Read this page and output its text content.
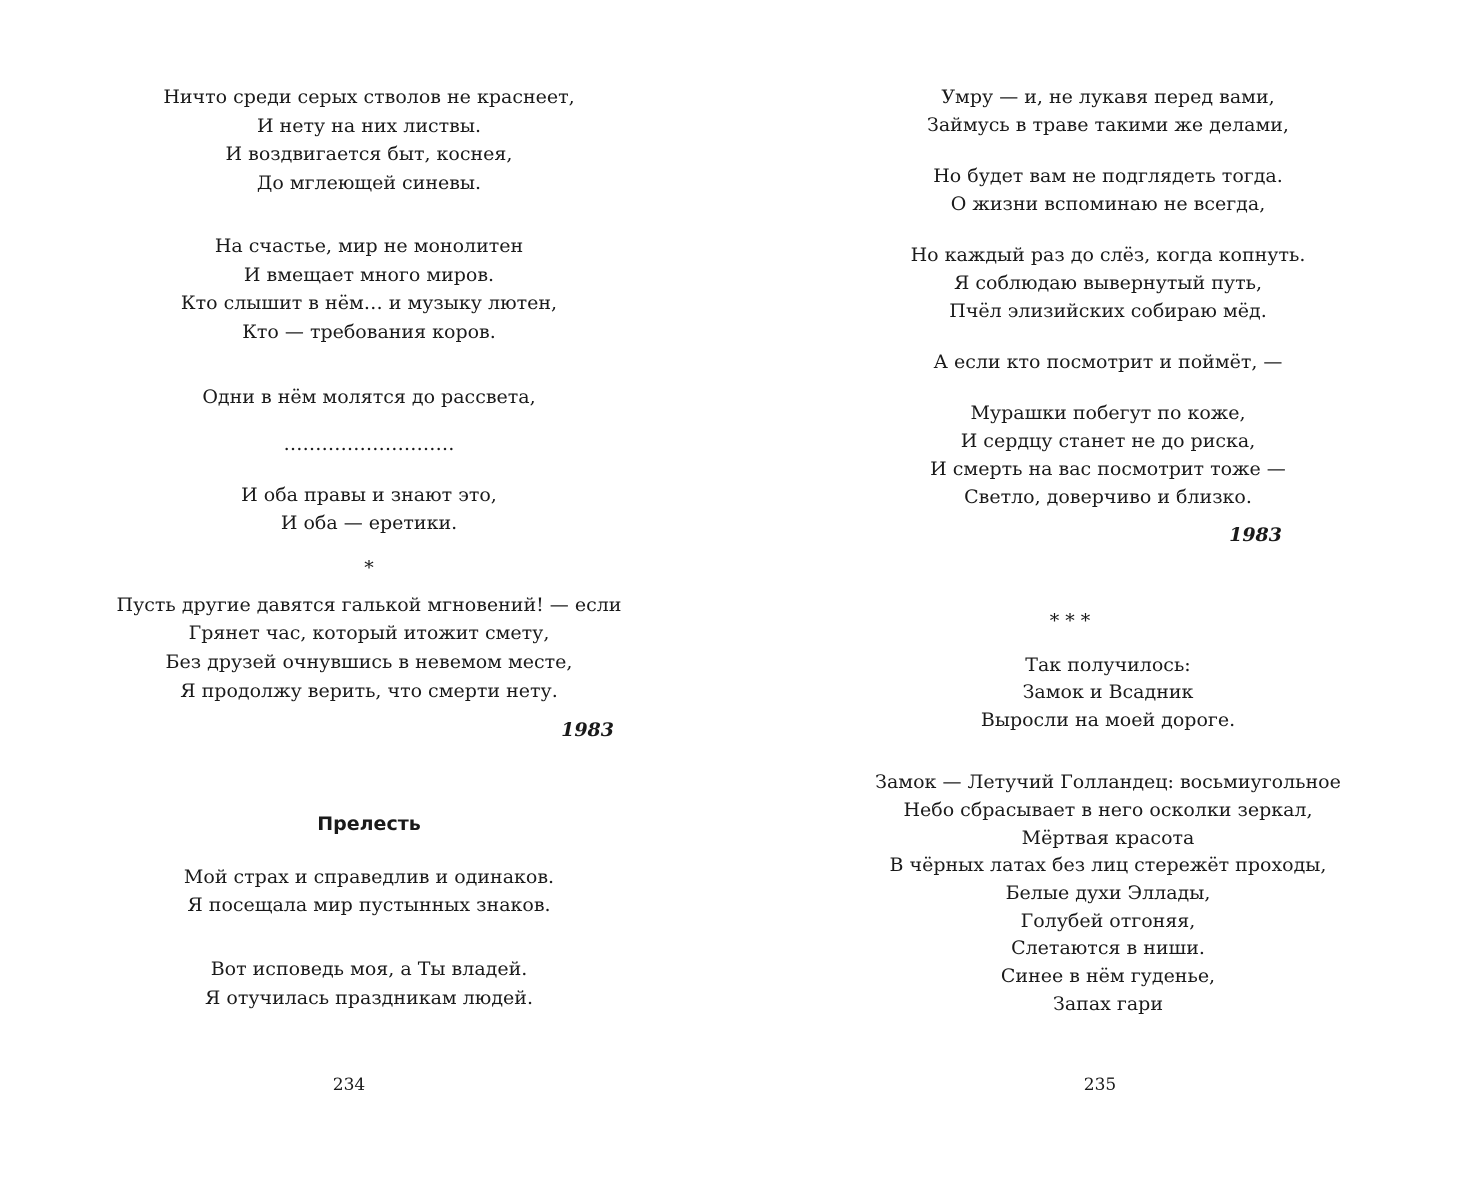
Ничто среди серых стволов не краснеет,
И нету на них листвы.
И воздвигается быт, коснея,
До мглеющей синевы.
На счастье, мир не монолитен
И вмещает много миров.
Кто слышит в нём… и музыку лютен,
Кто — требования коров.
Одни в нём молятся до рассвета,
………………………
И оба правы и знают это,
И оба — еретики.
*
Пусть другие давятся галькой мгновений! — если
Грянет час, который итожит смету,
Без друзей очнувшись в невемом месте,
Я продолжу верить, что смерти нету.
1983
Прелесть
Мой страх и справедлив и одинаков.
Я посещала мир пустынных знаков.
Вот исповедь моя, а Ты владей.
Я отучилась праздникам людей.
234
Умру — и, не лукавя перед вами,
Займусь в траве такими же делами,
Но будет вам не подглядеть тогда.
О жизни вспоминаю не всегда,
Но каждый раз до слёз, когда копнуть.
Я соблюдаю вывернутый путь,
Пчёл элизийских собираю мёд.
А если кто посмотрит и поймёт, —
Мурашки побегут по коже,
И сердцу станет не до риска,
И смерть на вас посмотрит тоже —
Светло, доверчиво и близко.
1983
* * *
Так получилось:
Замок и Всадник
Выросли на моей дороге.
Замок — Летучий Голландец: восьмиугольное
Небо сбрасывает в него осколки зеркал,
Мёртвая красота
В чёрных латах без лиц стережёт проходы,
Белые духи Эллады,
Голубей отгоняя,
Слетаются в ниши.
Синее в нём гуденье,
Запах гари
235
